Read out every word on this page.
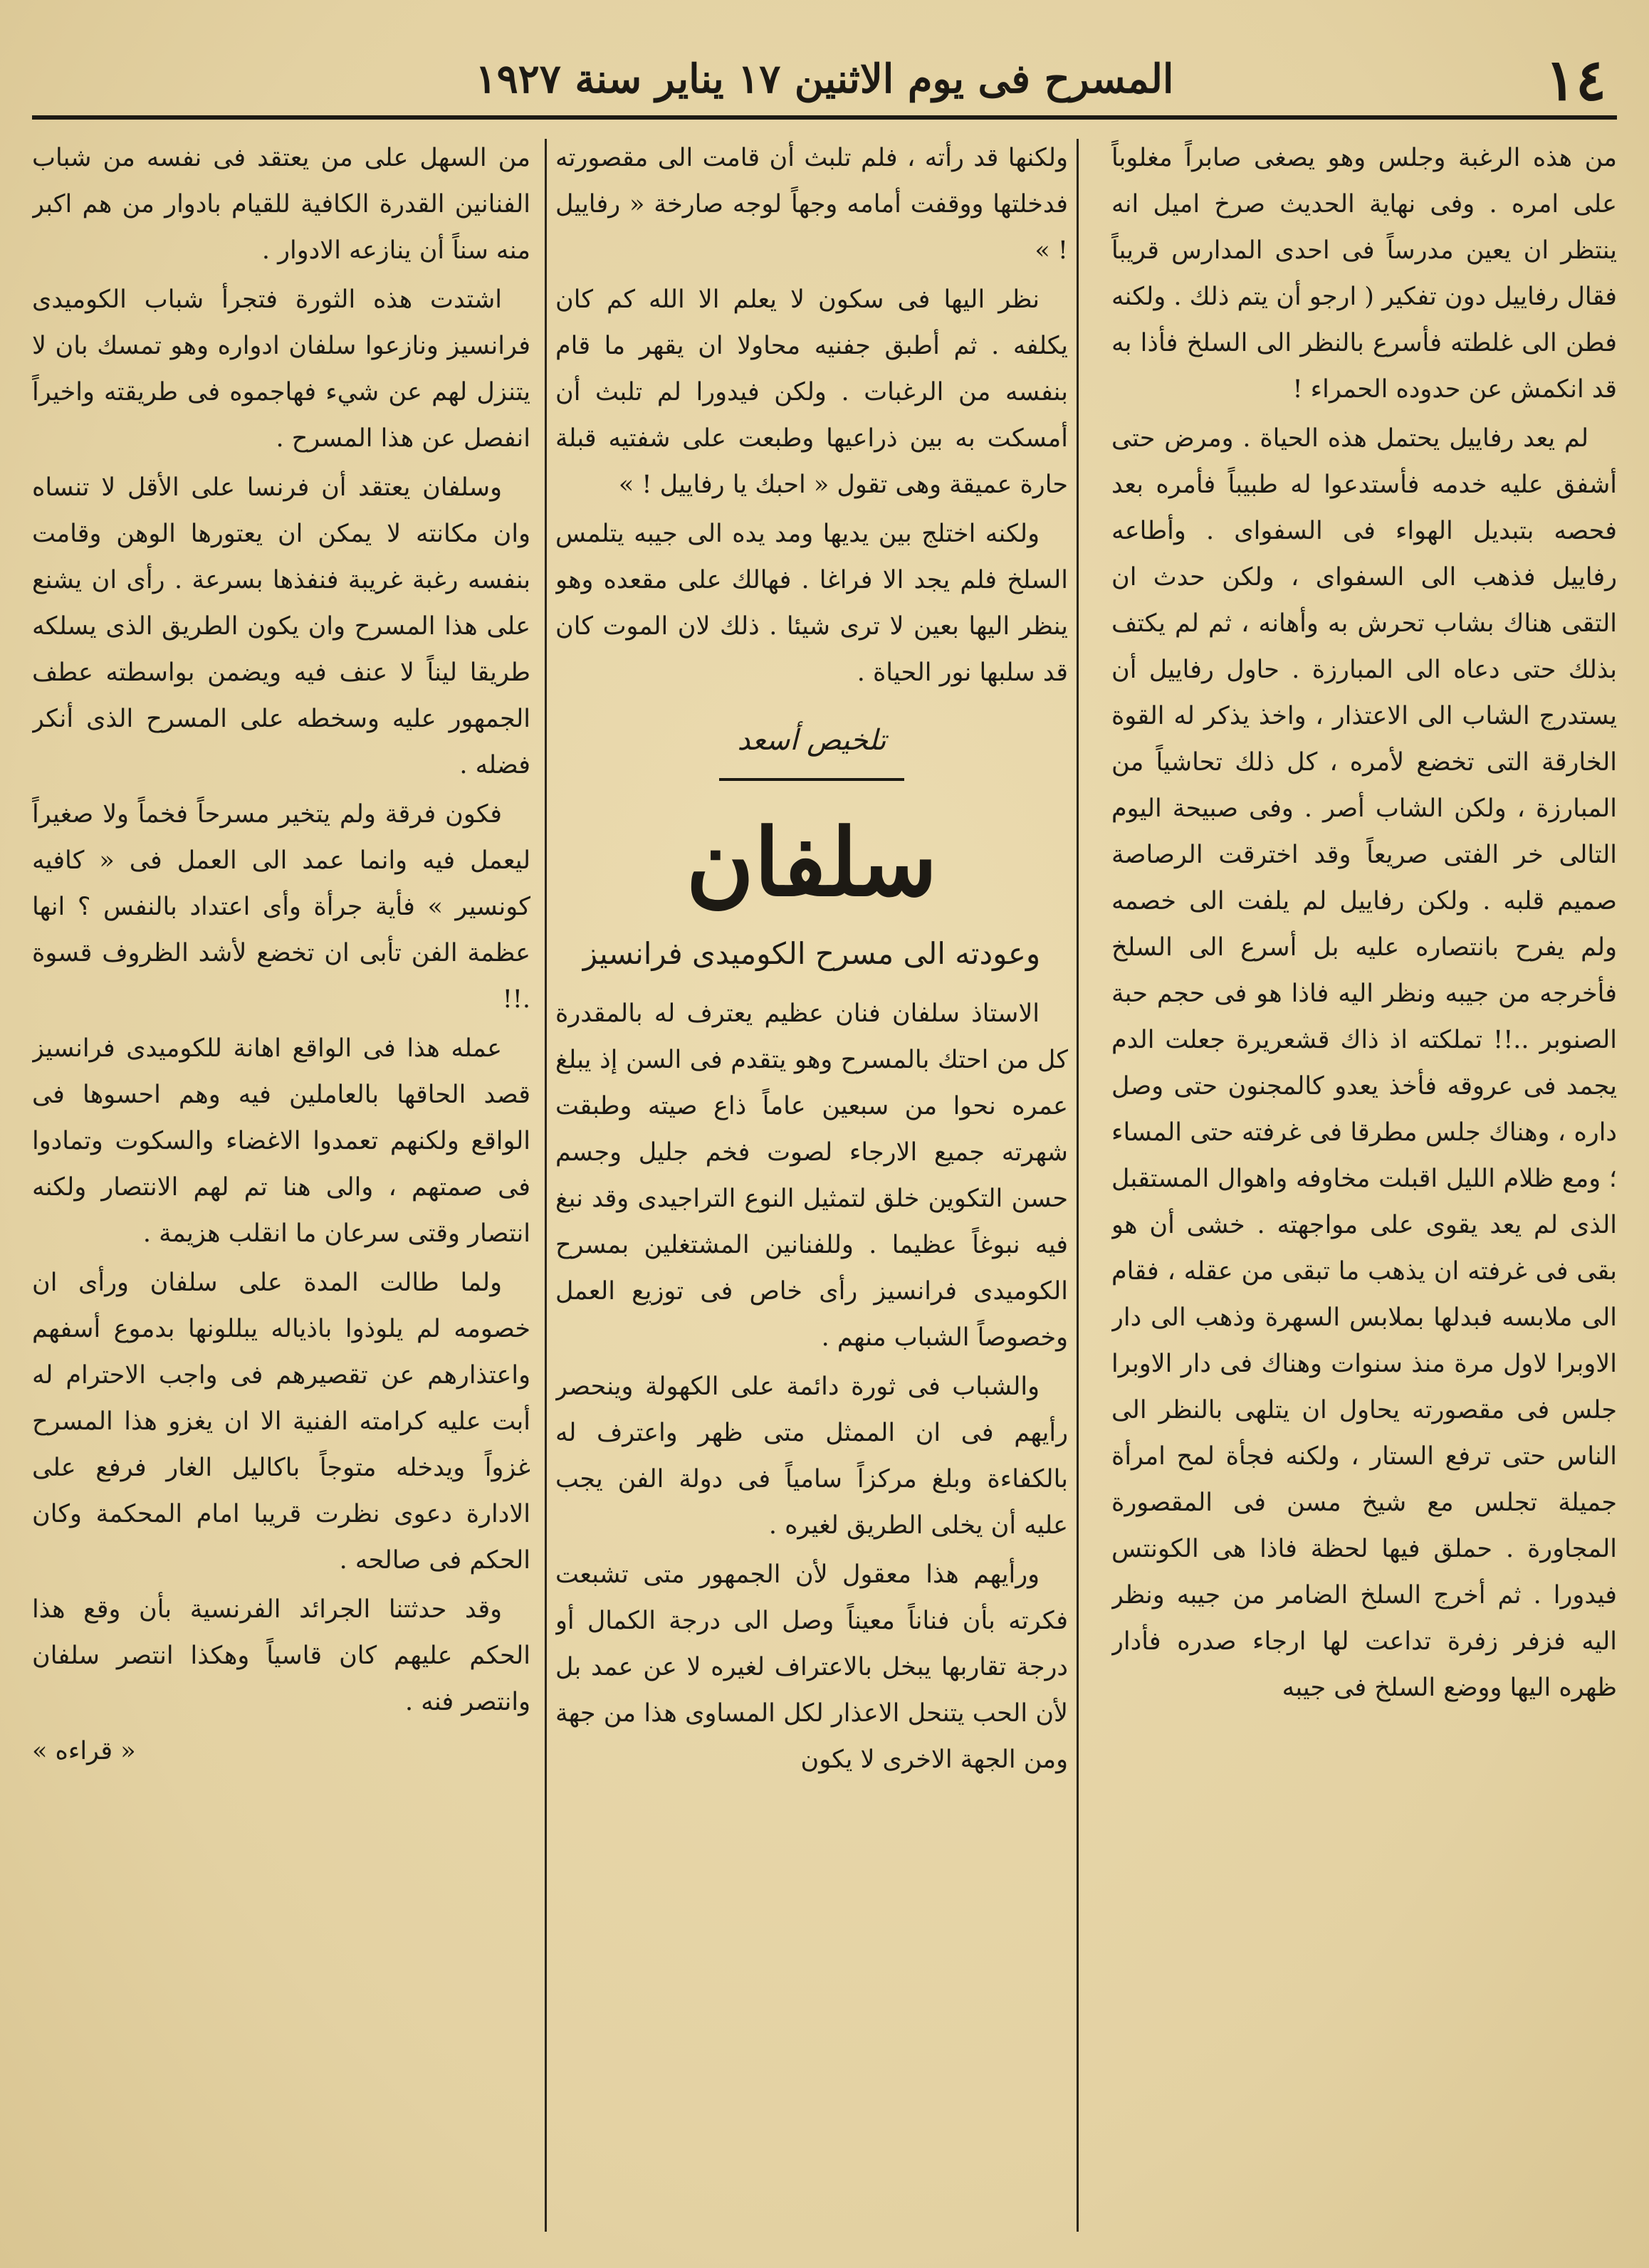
١٤
المسرح فى يوم الاثنين ١٧ يناير سنة ١٩٢٧

من هذه الرغبة وجلس وهو يصغى صابراً مغلوباً على امره . وفى نهاية الحديث صرخ اميل انه ينتظر ان يعين مدرساً فى احدى المدارس قريباً فقال رفاييل دون تفكير ( ارجو أن يتم ذلك . ولكنه فطن الى غلطته فأسرع بالنظر الى السلخ فأذا به قد انكمش عن حدوده الحمراء !

لم يعد رفاييل يحتمل هذه الحياة . ومرض حتى أشفق عليه خدمه فأستدعوا له طبيباً فأمره بعد فحصه بتبديل الهواء فى السفواى . وأطاعه رفاييل فذهب الى السفواى ، ولكن حدث ان التقى هناك بشاب تحرش به وأهانه ، ثم لم يكتف بذلك حتى دعاه الى المبارزة . حاول رفاييل أن يستدرج الشاب الى الاعتذار ، واخذ يذكر له القوة الخارقة التى تخضع لأمره ، كل ذلك تحاشياً من المبارزة ، ولكن الشاب أصر . وفى صبيحة اليوم التالى خر الفتى صريعاً وقد اخترقت الرصاصة صميم قلبه . ولكن رفاييل لم يلفت الى خصمه ولم يفرح بانتصاره عليه بل أسرع الى السلخ فأخرجه من جيبه ونظر اليه فاذا هو فى حجم حبة الصنوبر ..!! تملكته اذ ذاك قشعريرة جعلت الدم يجمد فى عروقه فأخذ يعدو كالمجنون حتى وصل داره ، وهناك جلس مطرقا فى غرفته حتى المساء ؛ ومع ظلام الليل اقبلت مخاوفه واهوال المستقبل الذى لم يعد يقوى على مواجهته . خشى أن هو بقى فى غرفته ان يذهب ما تبقى من عقله ، فقام الى ملابسه فبدلها بملابس السهرة وذهب الى دار الاوبرا لاول مرة منذ سنوات وهناك فى دار الاوبرا جلس فى مقصورته يحاول ان يتلهى بالنظر الى الناس حتى ترفع الستار ، ولكنه فجأة لمح امرأة جميلة تجلس مع شيخ مسن فى المقصورة المجاورة . حملق فيها لحظة فاذا هى الكونتس فيدورا . ثم أخرج السلخ الضامر من جيبه ونظر اليه فزفر زفرة تداعت لها ارجاء صدره فأدار ظهره اليها ووضع السلخ فى جيبه

ولكنها قد رأته ، فلم تلبث أن قامت الى مقصورته فدخلتها ووقفت أمامه وجهاً لوجه صارخة « رفاييل ! »

نظر اليها فى سكون لا يعلم الا الله كم كان يكلفه . ثم أطبق جفنيه محاولا ان يقهر ما قام بنفسه من الرغبات . ولكن فيدورا لم تلبث أن أمسكت به بين ذراعيها وطبعت على شفتيه قبلة حارة عميقة وهى تقول « احبك يا رفاييل ! »

ولكنه اختلج بين يديها ومد يده الى جيبه يتلمس السلخ فلم يجد الا فراغا . فهالك على مقعده وهو ينظر اليها بعين لا ترى شيئا . ذلك لان الموت كان قد سلبها نور الحياة .

تلخيص أسعد
سلفان
وعودته الى مسرح الكوميدى فرانسيز

الاستاذ سلفان فنان عظيم يعترف له بالمقدرة كل من احتك بالمسرح وهو يتقدم فى السن إذ يبلغ عمره نحوا من سبعين عاماً ذاع صيته وطبقت شهرته جميع الارجاء لصوت فخم جليل وجسم حسن التكوين خلق لتمثيل النوع التراجيدى وقد نبغ فيه نبوغاً عظيما . وللفنانين المشتغلين بمسرح الكوميدى فرانسيز رأى خاص فى توزيع العمل وخصوصاً الشباب منهم .

والشباب فى ثورة دائمة على الكهولة وينحصر رأيهم فى ان الممثل متى ظهر واعترف له بالكفاءة وبلغ مركزاً سامياً فى دولة الفن يجب عليه أن يخلى الطريق لغيره .

ورأيهم هذا معقول لأن الجمهور متى تشبعت فكرته بأن فناناً معيناً وصل الى درجة الكمال أو درجة تقاربها يبخل بالاعتراف لغيره لا عن عمد بل لأن الحب يتنحل الاعذار لكل المساوى هذا من جهة ومن الجهة الاخرى لا يكون

من السهل على من يعتقد فى نفسه من شباب الفنانين القدرة الكافية للقيام بادوار من هم اكبر منه سناً أن ينازعه الادوار .

اشتدت هذه الثورة فتجرأ شباب الكوميدى فرانسيز ونازعوا سلفان ادواره وهو تمسك بان لا يتنزل لهم عن شيء فهاجموه فى طريقته واخيراً انفصل عن هذا المسرح .

وسلفان يعتقد أن فرنسا على الأقل لا تنساه وان مكانته لا يمكن ان يعتورها الوهن وقامت بنفسه رغبة غريبة فنفذها بسرعة . رأى ان يشنع على هذا المسرح وان يكون الطريق الذى يسلكه طريقا ليناً لا عنف فيه ويضمن بواسطته عطف الجمهور عليه وسخطه على المسرح الذى أنكر فضله .

فكون فرقة ولم يتخير مسرحاً فخماً ولا صغيراً ليعمل فيه وانما عمد الى العمل فى « كافيه كونسير » فأية جرأة وأى اعتداد بالنفس ؟ انها عظمة الفن تأبى ان تخضع لأشد الظروف قسوة .!!

عمله هذا فى الواقع اهانة للكوميدى فرانسيز قصد الحاقها بالعاملين فيه وهم احسوها فى الواقع ولكنهم تعمدوا الاغضاء والسكوت وتمادوا فى صمتهم ، والى هنا تم لهم الانتصار ولكنه انتصار وقتى سرعان ما انقلب هزيمة .

ولما طالت المدة على سلفان ورأى ان خصومه لم يلوذوا باذياله يبللونها بدموع أسفهم واعتذارهم عن تقصيرهم فى واجب الاحترام له أبت عليه كرامته الفنية الا ان يغزو هذا المسرح غزواً ويدخله متوجاً باكاليل الغار فرفع على الادارة دعوى نظرت قريبا امام المحكمة وكان الحكم فى صالحه .

وقد حدثتنا الجرائد الفرنسية بأن وقع هذا الحكم عليهم كان قاسياً وهكذا انتصر سلفان وانتصر فنه .

« قراءه »
